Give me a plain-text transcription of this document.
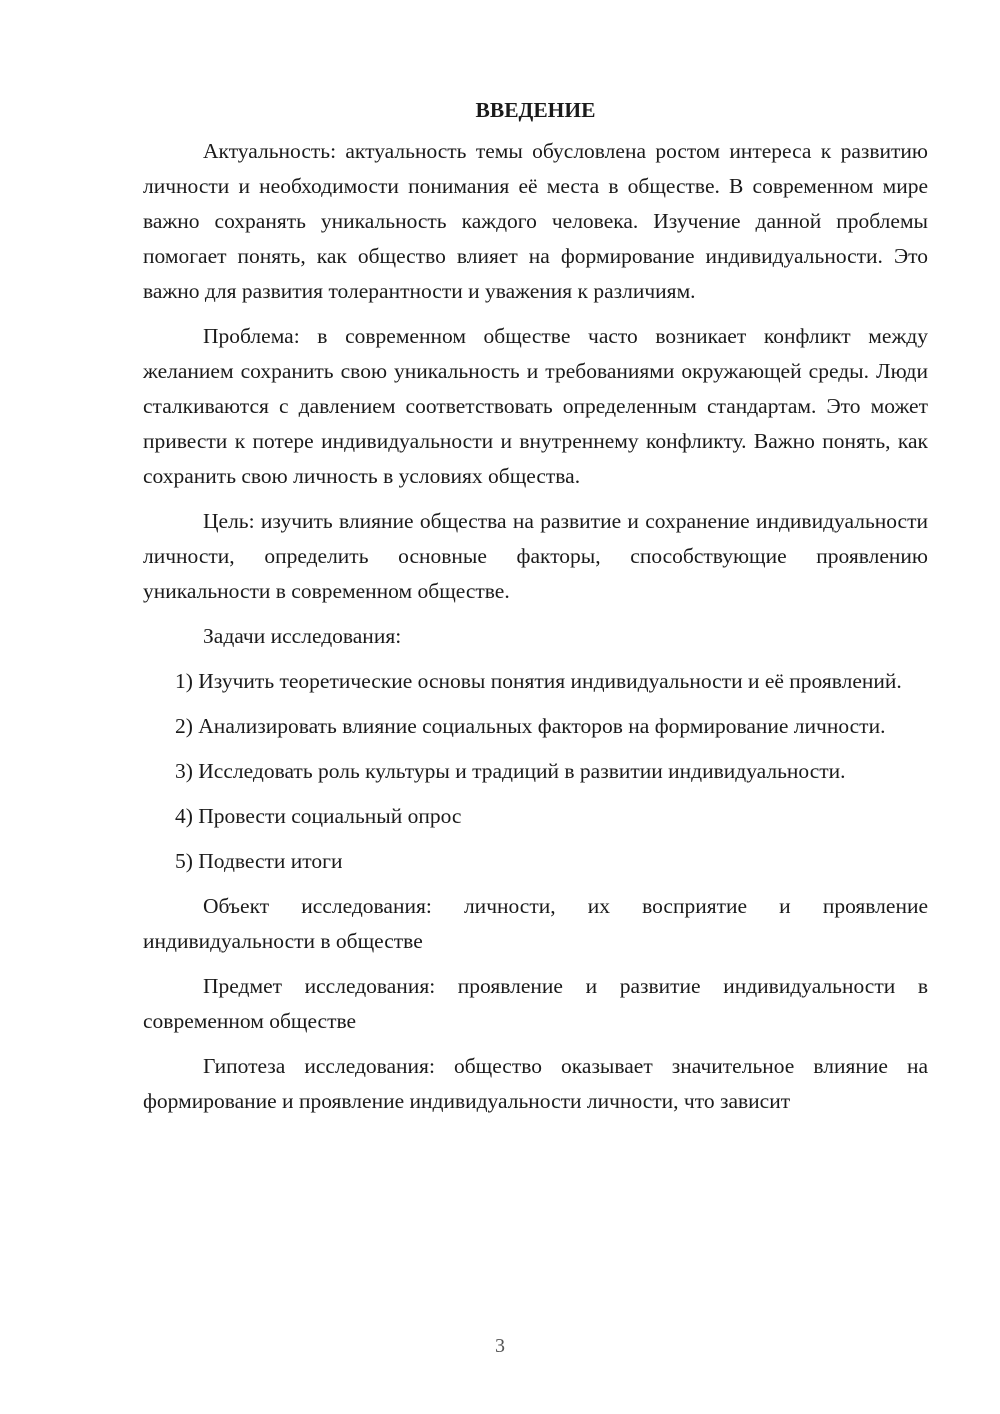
ВВЕДЕНИЕ

Актуальность: актуальность темы обусловлена ростом интереса к развитию личности и необходимости понимания её места в обществе. В современном мире важно сохранять уникальность каждого человека. Изучение данной проблемы помогает понять, как общество влияет на формирование индивидуальности. Это важно для развития толерантности и уважения к различиям.

Проблема: в современном обществе часто возникает конфликт между желанием сохранить свою уникальность и требованиями окружающей среды. Люди сталкиваются с давлением соответствовать определенным стандартам. Это может привести к потере индивидуальности и внутреннему конфликту. Важно понять, как сохранить свою личность в условиях общества.

Цель: изучить влияние общества на развитие и сохранение индивидуальности личности, определить основные факторы, способствующие проявлению уникальности в современном обществе.

Задачи исследования:

1) Изучить теоретические основы понятия индивидуальности и её проявлений.

2) Анализировать влияние социальных факторов на формирование личности.

3) Исследовать роль культуры и традиций в развитии индивидуальности.

4) Провести социальный опрос

5) Подвести итоги

Объект исследования: личности, их восприятие и проявление индивидуальности в обществе

Предмет исследования: проявление и развитие индивидуальности в современном обществе

Гипотеза исследования: общество оказывает значительное влияние на формирование и проявление индивидуальности личности, что зависит

3
